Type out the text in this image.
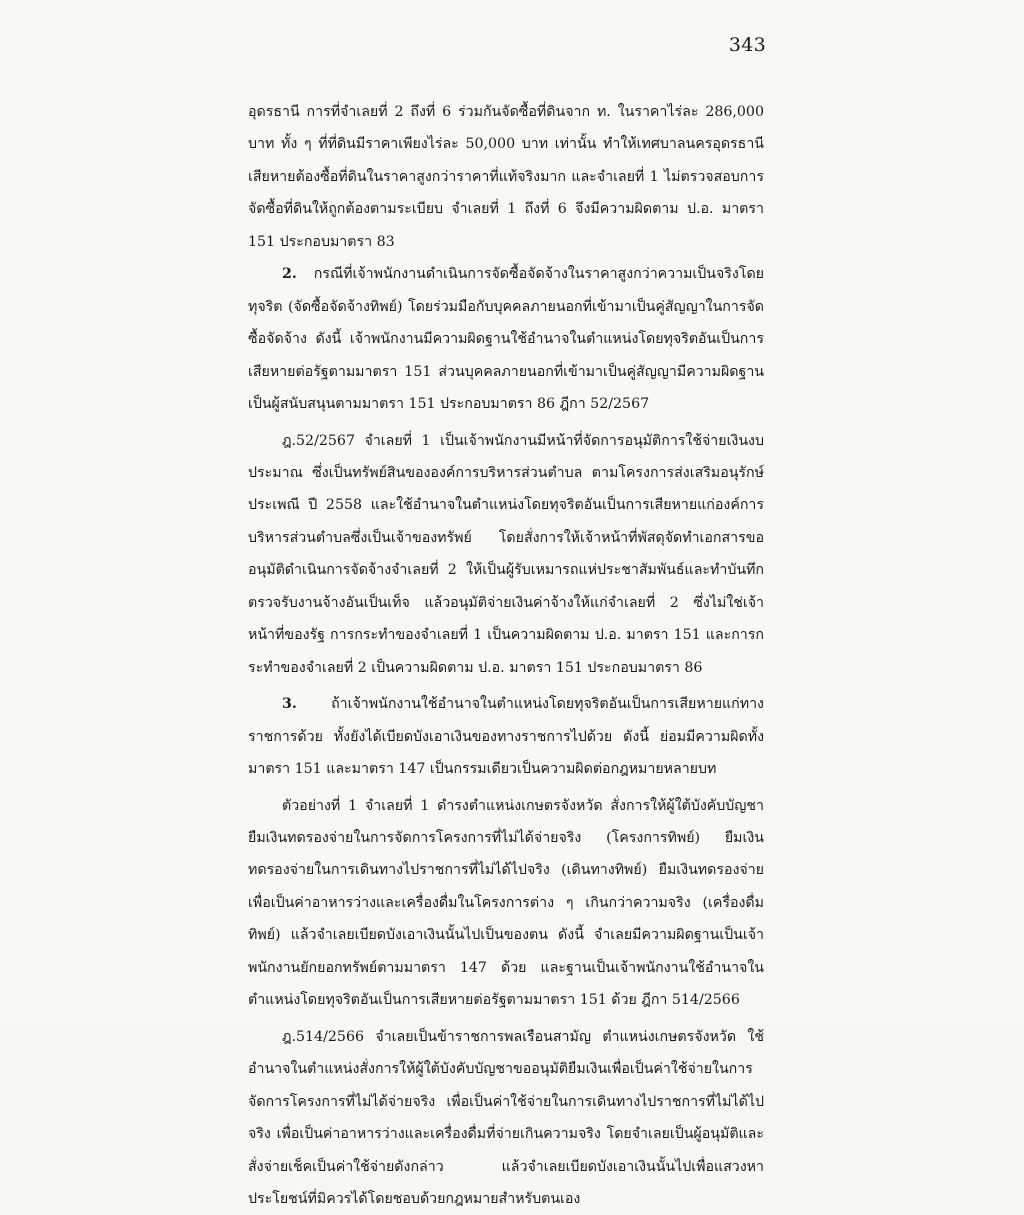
343

อุดรธานี การที่จำเลยที่ 2 ถึงที่ 6 ร่วมกันจัดซื้อที่ดินจาก ท. ในราคาไร่ละ 286,000 บาท ทั้ง ๆ ที่ที่ดินมีราคาเพียงไร่ละ 50,000 บาท เท่านั้น ทำให้เทศบาลนครอุดรธานีเสียหายต้องซื้อที่ดินในราคาสูงกว่าราคาที่แท้จริงมาก และจำเลยที่ 1 ไม่ตรวจสอบการจัดซื้อที่ดินให้ถูกต้องตามระเบียบ จำเลยที่ 1 ถึงที่ 6 จึงมีความผิดตาม ป.อ. มาตรา 151 ประกอบมาตรา 83

2. กรณีที่เจ้าพนักงานดำเนินการจัดซื้อจัดจ้างในราคาสูงกว่าความเป็นจริงโดยทุจริต (จัดซื้อจัดจ้างทิพย์) โดยร่วมมือกับบุคคลภายนอกที่เข้ามาเป็นคู่สัญญาในการจัดซื้อจัดจ้าง ดังนี้ เจ้าพนักงานมีความผิดฐานใช้อำนาจในตำแหน่งโดยทุจริตอันเป็นการเสียหายต่อรัฐตามมาตรา 151 ส่วนบุคคลภายนอกที่เข้ามาเป็นคู่สัญญามีความผิดฐานเป็นผู้สนับสนุนตามมาตรา 151 ประกอบมาตรา 86 ฎีกา 52/2567

ฎ.52/2567 จำเลยที่ 1 เป็นเจ้าพนักงานมีหน้าที่จัดการอนุมัติการใช้จ่ายเงินงบประมาณ ซึ่งเป็นทรัพย์สินขององค์การบริหารส่วนตำบล ตามโครงการส่งเสริมอนุรักษ์ประเพณี ปี 2558 และใช้อำนาจในตำแหน่งโดยทุจริตอันเป็นการเสียหายแก่องค์การบริหารส่วนตำบลซึ่งเป็นเจ้าของทรัพย์ โดยสั่งการให้เจ้าหน้าที่พัสดุจัดทำเอกสารขออนุมัติดำเนินการจัดจ้างจำเลยที่ 2 ให้เป็นผู้รับเหมารถแห่ประชาสัมพันธ์และทำบันทึกตรวจรับงานจ้างอันเป็นเท็จ แล้วอนุมัติจ่ายเงินค่าจ้างให้แก่จำเลยที่ 2 ซึ่งไม่ใช่เจ้าหน้าที่ของรัฐ การกระทำของจำเลยที่ 1 เป็นความผิดตาม ป.อ. มาตรา 151 และการกระทำของจำเลยที่ 2 เป็นความผิดตาม ป.อ. มาตรา 151 ประกอบมาตรา 86

3. ถ้าเจ้าพนักงานใช้อำนาจในตำแหน่งโดยทุจริตอันเป็นการเสียหายแก่ทางราชการด้วย ทั้งยังได้เบียดบังเอาเงินของทางราชการไปด้วย ดังนี้ ย่อมมีความผิดทั้งมาตรา 151 และมาตรา 147 เป็นกรรมเดียวเป็นความผิดต่อกฎหมายหลายบท

ตัวอย่างที่ 1 จำเลยที่ 1 ดำรงตำแหน่งเกษตรจังหวัด สั่งการให้ผู้ใต้บังคับบัญชายืมเงินทดรองจ่ายในการจัดการโครงการที่ไม่ได้จ่ายจริง (โครงการทิพย์) ยืมเงินทดรองจ่ายในการเดินทางไปราชการที่ไม่ได้ไปจริง (เดินทางทิพย์) ยืมเงินทดรองจ่ายเพื่อเป็นค่าอาหารว่างและเครื่องดื่มในโครงการต่าง ๆ เกินกว่าความจริง (เครื่องดื่มทิพย์) แล้วจำเลยเบียดบังเอาเงินนั้นไปเป็นของตน ดังนี้ จำเลยมีความผิดฐานเป็นเจ้าพนักงานยักยอกทรัพย์ตามมาตรา 147 ด้วย และฐานเป็นเจ้าพนักงานใช้อำนาจในตำแหน่งโดยทุจริตอันเป็นการเสียหายต่อรัฐตามมาตรา 151 ด้วย ฎีกา 514/2566

ฎ.514/2566 จำเลยเป็นข้าราชการพลเรือนสามัญ ตำแหน่งเกษตรจังหวัด ใช้อำนาจในตำแหน่งสั่งการให้ผู้ใต้บังคับบัญชาขออนุมัติยืมเงินเพื่อเป็นค่าใช้จ่ายในการจัดการโครงการที่ไม่ได้จ่ายจริง เพื่อเป็นค่าใช้จ่ายในการเดินทางไปราชการที่ไม่ได้ไปจริง เพื่อเป็นค่าอาหารว่างและเครื่องดื่มที่จ่ายเกินความจริง โดยจำเลยเป็นผู้อนุมัติและสั่งจ่ายเช็คเป็นค่าใช้จ่ายดังกล่าว แล้วจำเลยเบียดบังเอาเงินนั้นไปเพื่อแสวงหาประโยชน์ที่มิควรได้โดยชอบด้วยกฎหมายสำหรับตนเอง
